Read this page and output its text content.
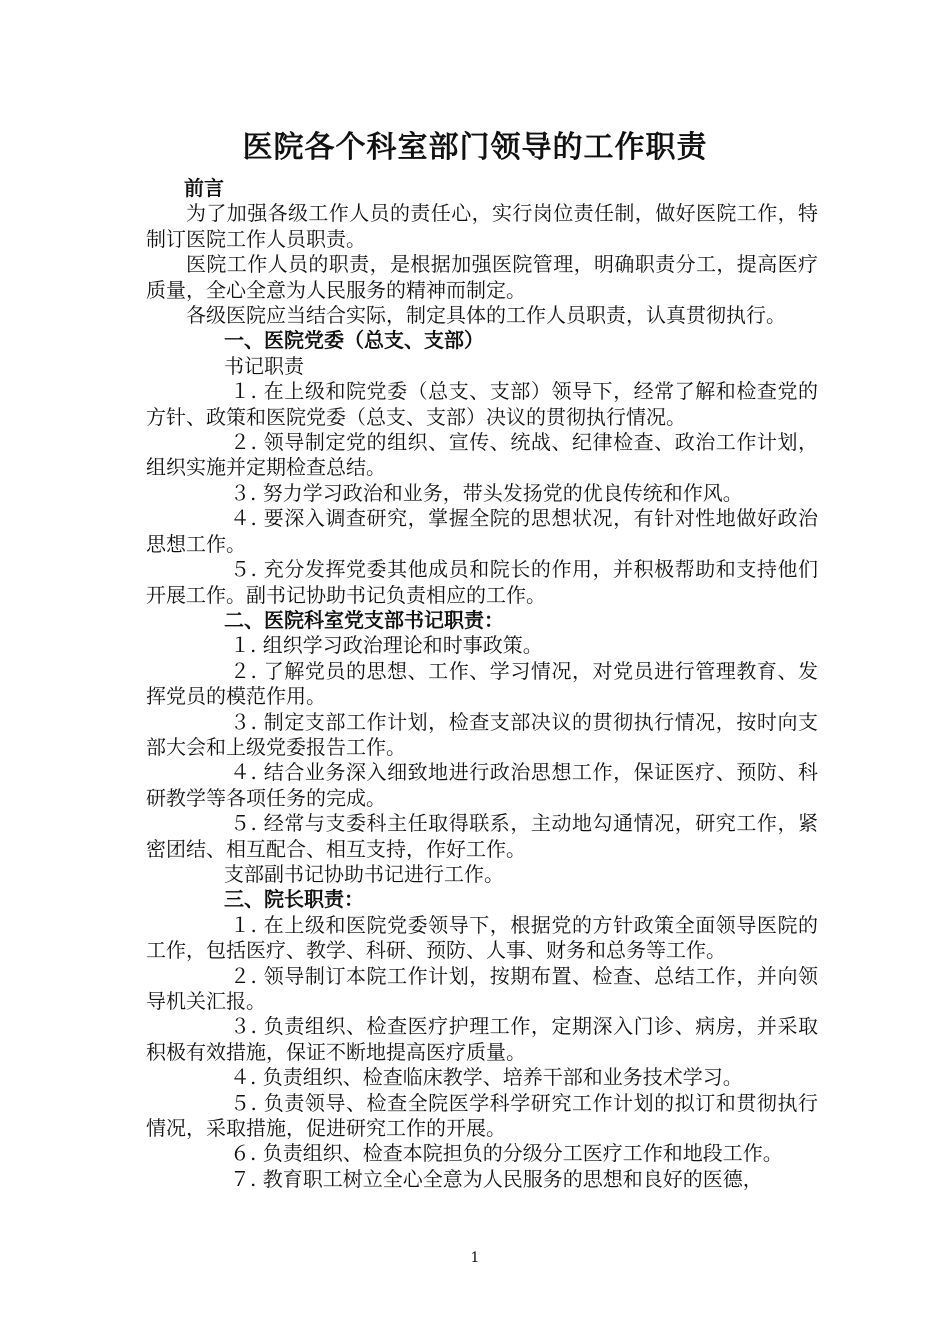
医院各个科室部门领导的工作职责

前言

为了加强各级工作人员的责任心，实行岗位责任制，做好医院工作，特制订医院工作人员职责。

医院工作人员的职责，是根据加强医院管理，明确职责分工，提高医疗质量，全心全意为人民服务的精神而制定。

各级医院应当结合实际，制定具体的工作人员职责，认真贯彻执行。

一、医院党委（总支、支部）

书记职责

１. 在上级和院党委（总支、支部）领导下，经常了解和检查党的方针、政策和医院党委（总支、支部）决议的贯彻执行情况。

２. 领导制定党的组织、宣传、统战、纪律检查、政治工作计划，组织实施并定期检查总结。

３. 努力学习政治和业务，带头发扬党的优良传统和作风。

４. 要深入调查研究，掌握全院的思想状况，有针对性地做好政治思想工作。

５. 充分发挥党委其他成员和院长的作用，并积极帮助和支持他们开展工作。副书记协助书记负责相应的工作。

二、医院科室党支部书记职责：

１. 组织学习政治理论和时事政策。

２. 了解党员的思想、工作、学习情况，对党员进行管理教育、发挥党员的模范作用。

３. 制定支部工作计划，检查支部决议的贯彻执行情况，按时向支部大会和上级党委报告工作。

４. 结合业务深入细致地进行政治思想工作，保证医疗、预防、科研教学等各项任务的完成。

５. 经常与支委科主任取得联系，主动地勾通情况，研究工作，紧密团结、相互配合、相互支持，作好工作。

支部副书记协助书记进行工作。

三、院长职责：

１. 在上级和医院党委领导下，根据党的方针政策全面领导医院的工作，包括医疗、教学、科研、预防、人事、财务和总务等工作。

２. 领导制订本院工作计划，按期布置、检查、总结工作，并向领导机关汇报。

３. 负责组织、检查医疗护理工作，定期深入门诊、病房，并采取积极有效措施，保证不断地提高医疗质量。

４. 负责组织、检查临床教学、培养干部和业务技术学习。

５. 负责领导、检查全院医学科学研究工作计划的拟订和贯彻执行情况，采取措施，促进研究工作的开展。

６. 负责组织、检查本院担负的分级分工医疗工作和地段工作。

７. 教育职工树立全心全意为人民服务的思想和良好的医德，

1
